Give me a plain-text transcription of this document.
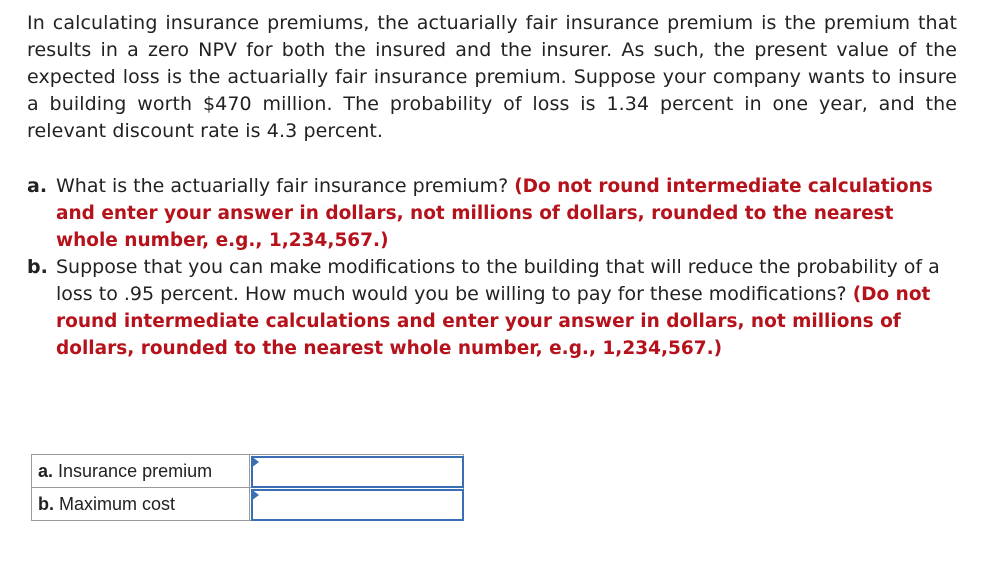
In calculating insurance premiums, the actuarially fair insurance premium is the premium that results in a zero NPV for both the insured and the insurer. As such, the present value of the expected loss is the actuarially fair insurance premium. Suppose your company wants to insure a building worth $470 million. The probability of loss is 1.34 percent in one year, and the relevant discount rate is 4.3 percent.

a. What is the actuarially fair insurance premium? (Do not round intermediate calculations and enter your answer in dollars, not millions of dollars, rounded to the nearest whole number, e.g., 1,234,567.)

b. Suppose that you can make modifications to the building that will reduce the probability of a loss to .95 percent. How much would you be willing to pay for these modifications? (Do not round intermediate calculations and enter your answer in dollars, not millions of dollars, rounded to the nearest whole number, e.g., 1,234,567.)

a. Insurance premium	

b. Maximum cost	
